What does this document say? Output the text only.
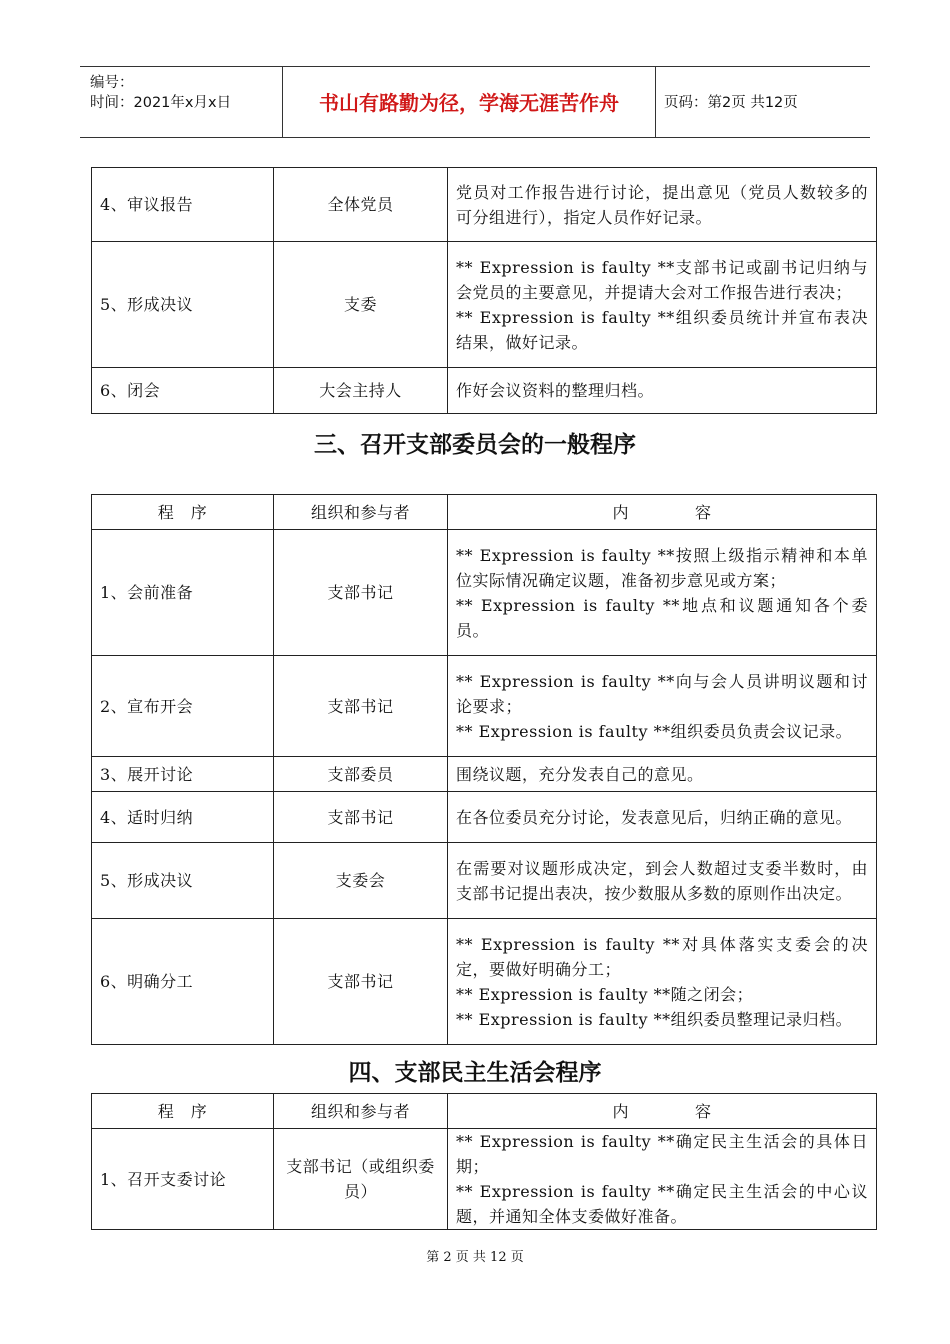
编号：
时间：2021年x月x日	书山有路勤为径，学海无涯苦作舟	页码：第2页 共12页
4、审议报告	全体党员	党员对工作报告进行讨论，提出意见（党员人数较多的可分组进行），指定人员作好记录。

5、形成决议	支委	** Expression is faulty **支部书记或副书记归纳与会党员的主要意见，并提请大会对工作报告进行表决；
** Expression is faulty **组织委员统计并宣布表决结果，做好记录。

6、闭会	大会主持人	作好会议资料的整理归档。
三、召开支部委员会的一般程序
程　序	组织和参与者	内　　　　容
1、会前准备	支部书记	** Expression is faulty **按照上级指示精神和本单位实际情况确定议题，准备初步意见或方案；
** Expression is faulty **地点和议题通知各个委员。

2、宣布开会	支部书记	** Expression is faulty **向与会人员讲明议题和讨论要求；
** Expression is faulty **组织委员负责会议记录。

3、展开讨论	支部委员	围绕议题，充分发表自己的意见。

4、适时归纳	支部书记	在各位委员充分讨论，发表意见后，归纳正确的意见。

5、形成决议	支委会	在需要对议题形成决定，到会人数超过支委半数时，由支部书记提出表决，按少数服从多数的原则作出决定。

6、明确分工	支部书记	** Expression is faulty **对具体落实支委会的决定，要做好明确分工；
** Expression is faulty **随之闭会；
** Expression is faulty **组织委员整理记录归档。
四、支部民主生活会程序
程　序	组织和参与者	内　　　　容
1、召开支委讨论	支部书记（或组织委员）	** Expression is faulty **确定民主生活会的具体日期；
** Expression is faulty **确定民主生活会的中心议题，并通知全体支委做好准备。
第 2 页 共 12 页
